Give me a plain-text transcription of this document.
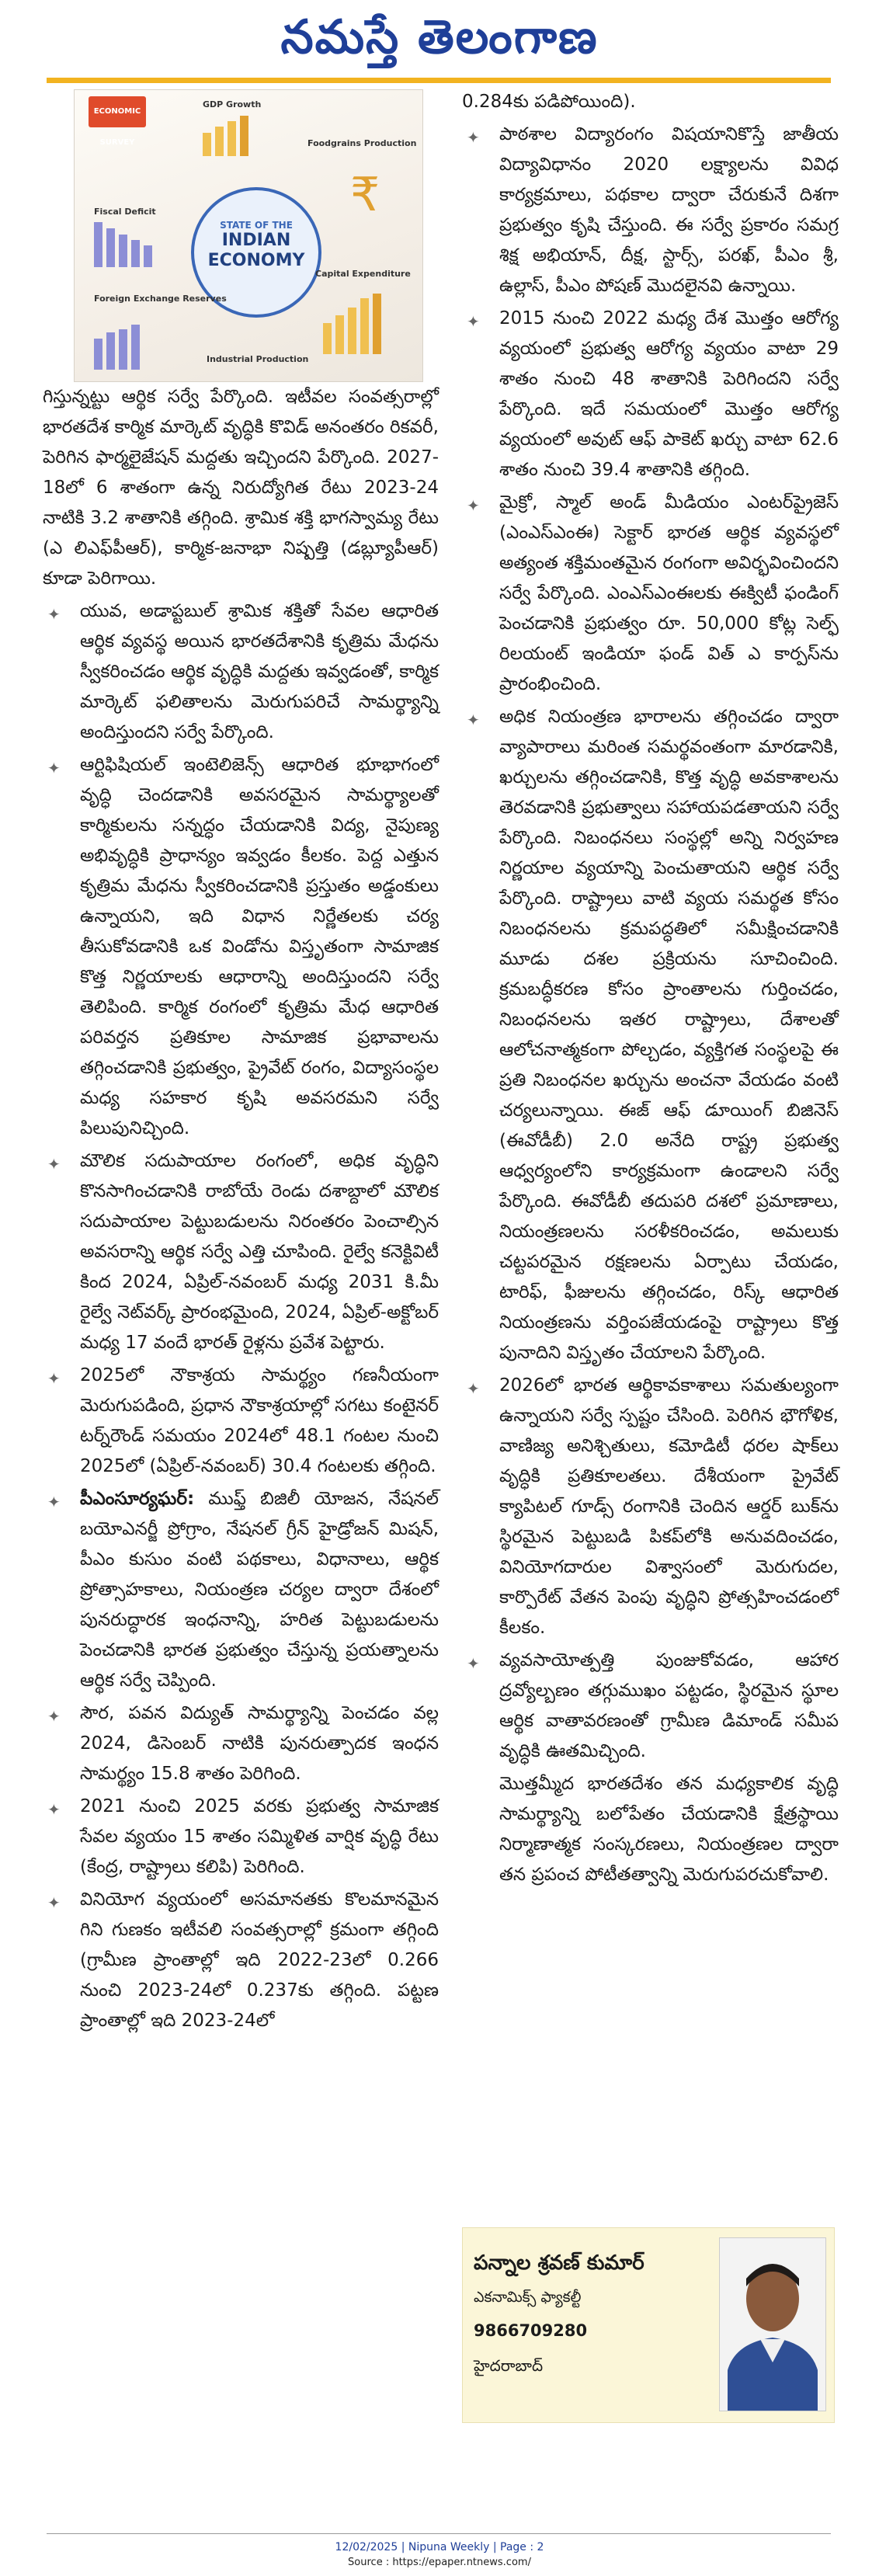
నమస్తే తెలంగాణ
ECONOMIC SURVEY
GDP Growth
Foodgrains Production
Fiscal Deficit
STATE OF THE
INDIAN ECONOMY
Foreign Exchange Reserves
Capital Expenditure
Industrial Production
₹

గిస్తున్నట్టు ఆర్థిక సర్వే పేర్కొంది. ఇటీవల సంవత్సరాల్లో భారతదేశ కార్మిక మార్కెట్ వృద్ధికి కొవిడ్ అనంతరం రికవరీ, పెరిగిన ఫార్మలైజేషన్ మద్దతు ఇచ్చిందని పేర్కొంది. 2027-18లో 6 శాతంగా ఉన్న నిరుద్యోగిత రేటు 2023-24 నాటికి 3.2 శాతానికి తగ్గింది. శ్రామిక శక్తి భాగస్వామ్య రేటు (ఎ లిఎఫ్‌పీఆర్), కార్మిక-జనాభా నిష్పత్తి (డబ్ల్యూపీఆర్) కూడా పెరిగాయి.

✦ యువ, అడాప్టబుల్ శ్రామిక శక్తితో సేవల ఆధారిత ఆర్థిక వ్యవస్థ అయిన భారతదేశానికి కృత్రిమ మేధను స్వీకరించడం ఆర్థిక వృద్ధికి మద్దతు ఇవ్వడంతో, కార్మిక మార్కెట్ ఫలితాలను మెరుగుపరిచే సామర్థ్యాన్ని అందిస్తుందని సర్వే పేర్కొంది.

✦ ఆర్టిఫిషియల్ ఇంటెలిజెన్స్ ఆధారిత భూభాగంలో వృద్ధి చెందడానికి అవసరమైన సామర్థ్యాలతో కార్మికులను సన్నద్ధం చేయడానికి విద్య, నైపుణ్య అభివృద్ధికి ప్రాధాన్యం ఇవ్వడం కీలకం. పెద్ద ఎత్తున కృత్రిమ మేధను స్వీకరించడానికి ప్రస్తుతం అడ్డంకులు ఉన్నాయని, ఇది విధాన నిర్ణేతలకు చర్య తీసుకోవడానికి ఒక విండోను విస్తృతంగా సామాజిక కొత్త నిర్ణయాలకు ఆధారాన్ని అందిస్తుందని సర్వే తెలిపింది. కార్మిక రంగంలో కృత్రిమ మేధ ఆధారిత పరివర్తన ప్రతికూల సామాజిక ప్రభావాలను తగ్గించడానికి ప్రభుత్వం, ప్రైవేట్ రంగం, విద్యాసంస్థల మధ్య సహకార కృషి అవసరమని సర్వే పిలుపునిచ్చింది.

✦ మౌలిక సదుపాయాల రంగంలో, అధిక వృద్ధిని కొనసాగించడానికి రాబోయే రెండు దశాబ్దాలో మౌలిక సదుపాయాల పెట్టుబడులను నిరంతరం పెంచాల్సిన అవసరాన్ని ఆర్థిక సర్వే ఎత్తి చూపింది. రైల్వే కనెక్టివిటీ కింద 2024, ఏప్రిల్-నవంబర్ మధ్య 2031 కి.మీ రైల్వే నెట్‌వర్క్ ప్రారంభమైంది, 2024, ఏప్రిల్-అక్టోబర్ మధ్య 17 వందే భారత్ రైళ్లను ప్రవేశ పెట్టారు.

✦ 2025లో నౌకాశ్రయ సామర్థ్యం గణనీయంగా మెరుగుపడింది, ప్రధాన నౌకాశ్రయాల్లో సగటు కంటైనర్ టర్న్‌రౌండ్ సమయం 2024లో 48.1 గంటల నుంచి 2025లో (ఏప్రిల్-నవంబర్) 30.4 గంటలకు తగ్గింది.

✦ పీఎంసూర్యఘర్: ముఫ్త్ బిజిలీ యోజన, నేషనల్ బయోఎనర్జీ ప్రోగ్రాం, నేషనల్ గ్రీన్ హైడ్రోజన్ మిషన్, పీఎం కుసుం వంటి పథకాలు, విధానాలు, ఆర్థిక ప్రోత్సాహకాలు, నియంత్రణ చర్యల ద్వారా దేశంలో పునరుద్ధారక ఇంధనాన్ని, హరిత పెట్టుబడులను పెంచడానికి భారత ప్రభుత్వం చేస్తున్న ప్రయత్నాలను ఆర్థిక సర్వే చెప్పింది.

✦ సౌర, పవన విద్యుత్ సామర్థ్యాన్ని పెంచడం వల్ల 2024, డిసెంబర్ నాటికి పునరుత్పాదక ఇంధన సామర్థ్యం 15.8 శాతం పెరిగింది.

✦ 2021 నుంచి 2025 వరకు ప్రభుత్వ సామాజిక సేవల వ్యయం 15 శాతం సమ్మిళిత వార్షిక వృద్ధి రేటు (కేంద్ర, రాష్ట్రాలు కలిపి) పెరిగింది.

✦ వినియోగ వ్యయంలో అసమానతకు కొలమానమైన గిని గుణకం ఇటీవలి సంవత్సరాల్లో క్రమంగా తగ్గింది (గ్రామీణ ప్రాంతాల్లో ఇది 2022-23లో 0.266 నుంచి 2023-24లో 0.237కు తగ్గింది. పట్టణ ప్రాంతాల్లో ఇది 2023-24లో

0.284కు పడిపోయింది).

✦ పాఠశాల విద్యారంగం విషయానికొస్తే జాతీయ విద్యావిధానం 2020 లక్ష్యాలను వివిధ కార్యక్రమాలు, పథకాల ద్వారా చేరుకునే దిశగా ప్రభుత్వం కృషి చేస్తుంది. ఈ సర్వే ప్రకారం సమగ్ర శిక్ష అభియాన్, దీక్ష, స్టార్స్, పరఖ్, పీఎం శ్రీ, ఉల్లాస్, పీఎం పోషణ్ మొదలైనవి ఉన్నాయి.

✦ 2015 నుంచి 2022 మధ్య దేశ మొత్తం ఆరోగ్య వ్యయంలో ప్రభుత్వ ఆరోగ్య వ్యయం వాటా 29 శాతం నుంచి 48 శాతానికి పెరిగిందని సర్వే పేర్కొంది. ఇదే సమయంలో మొత్తం ఆరోగ్య వ్యయంలో అవుట్ ఆఫ్ పాకెట్ ఖర్చు వాటా 62.6 శాతం నుంచి 39.4 శాతానికి తగ్గింది.

✦ మైక్రో, స్మాల్ అండ్ మీడియం ఎంటర్‌ప్రైజెస్ (ఎంఎస్ఎంఈ) సెక్టార్ భారత ఆర్థిక వ్యవస్థలో అత్యంత శక్తిమంతమైన రంగంగా అవిర్భవించిందని సర్వే పేర్కొంది. ఎంఎస్ఎంఈలకు ఈక్విటీ ఫండింగ్ పెంచడానికి ప్రభుత్వం రూ. 50,000 కోట్ల సెల్ఫ్ రిలయంట్ ఇండియా ఫండ్ విత్ ఎ కార్పస్‌ను ప్రారంభించింది.

✦ అధిక నియంత్రణ భారాలను తగ్గించడం ద్వారా వ్యాపారాలు మరింత సమర్థవంతంగా మారడానికి, ఖర్చులను తగ్గించడానికి, కొత్త వృద్ధి అవకాశాలను తెరవడానికి ప్రభుత్వాలు సహాయపడతాయని సర్వే పేర్కొంది. నిబంధనలు సంస్థల్లో అన్ని నిర్వహణ నిర్ణయాల వ్యయాన్ని పెంచుతాయని ఆర్థిక సర్వే పేర్కొంది. రాష్ట్రాలు వాటి వ్యయ సమర్థత కోసం నిబంధనలను క్రమపద్ధతిలో సమీక్షించడానికి మూడు దశల ప్రక్రియను సూచించింది. క్రమబద్ధీకరణ కోసం ప్రాంతాలను గుర్తించడం, నిబంధనలను ఇతర రాష్ట్రాలు, దేశాలతో ఆలోచనాత్మకంగా పోల్చడం, వ్యక్తిగత సంస్థలపై ఈ ప్రతి నిబంధనల ఖర్చును అంచనా వేయడం వంటి చర్యలున్నాయి. ఈజ్ ఆఫ్ డూయింగ్ బిజినెస్ (ఈవోడీబీ) 2.0 అనేది రాష్ట్ర ప్రభుత్వ ఆధ్వర్యంలోని కార్యక్రమంగా ఉండాలని సర్వే పేర్కొంది. ఈవోడీబీ తదుపరి దశలో ప్రమాణాలు, నియంత్రణలను సరళీకరించడం, అమలుకు చట్టపరమైన రక్షణలను ఏర్పాటు చేయడం, టారిఫ్, ఫీజులను తగ్గించడం, రిస్క్ ఆధారిత నియంత్రణను వర్తింపజేయడంపై రాష్ట్రాలు కొత్త పునాదిని విస్తృతం చేయాలని పేర్కొంది.

✦ 2026లో భారత ఆర్థికావకాశాలు సమతుల్యంగా ఉన్నాయని సర్వే స్పష్టం చేసింది. పెరిగిన భౌగోళిక, వాణిజ్య అనిశ్చితులు, కమోడిటీ ధరల షాక్‌లు వృద్ధికి ప్రతికూలతలు. దేశీయంగా ప్రైవేట్ క్యాపిటల్ గూడ్స్ రంగానికి చెందిన ఆర్డర్ బుక్‌ను స్థిరమైన పెట్టుబడి పికప్‌లోకి అనువదించడం, వినియోగదారుల విశ్వాసంలో మెరుగుదల, కార్పొరేట్ వేతన పెంపు వృద్ధిని ప్రోత్సహించడంలో కీలకం.

✦ వ్యవసాయోత్పత్తి పుంజుకోవడం, ఆహార ద్రవ్యోల్బణం తగ్గుముఖం పట్టడం, స్థిరమైన స్థూల ఆర్థిక వాతావరణంతో గ్రామీణ డిమాండ్ సమీప వృద్ధికి ఊతమిచ్చింది.

మొత్తమ్మీద భారతదేశం తన మధ్యకాలిక వృద్ధి సామర్థ్యాన్ని బలోపేతం చేయడానికి క్షేత్రస్థాయి నిర్మాణాత్మక సంస్కరణలు, నియంత్రణల ద్వారా తన ప్రపంచ పోటీతత్వాన్ని మెరుగుపరచుకోవాలి.

పన్నాల శ్రవణ్ కుమార్
ఎకనామిక్స్ ఫ్యాకల్టీ
9866709280
హైదరాబాద్
12/02/2025 | Nipuna Weekly | Page : 2
Source : https://epaper.ntnews.com/
